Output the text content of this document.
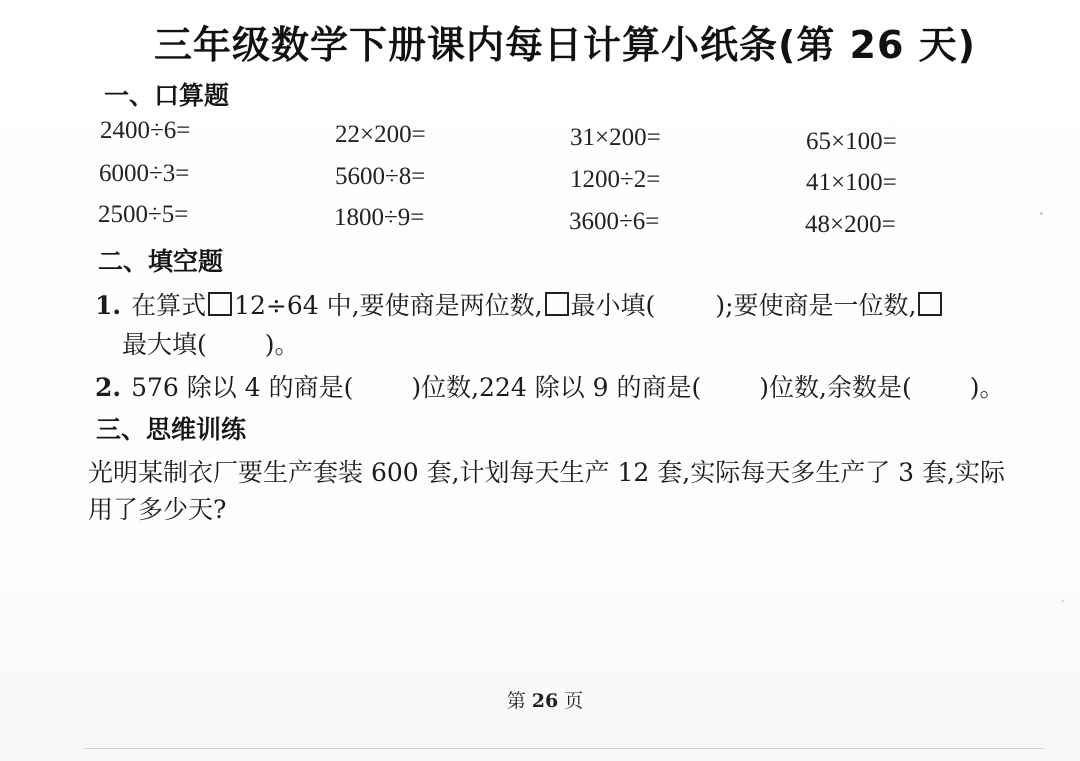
三年级数学下册课内每日计算小纸条(第 26 天)
一、口算题
2400÷6=	22×200=	31×200=	65×100=
6000÷3=	5600÷8=	1200÷2=	41×100=
2500÷5=	1800÷9=	3600÷6=	48×200=
二、填空题
1. 在算式 12÷64 中,要使商是两位数, 最小填( );要使商是一位数,
最大填( )。
2. 576 除以 4 的商是( )位数,224 除以 9 的商是( )位数,余数是( )。
三、思维训练
光明某制衣厂要生产套装 600 套,计划每天生产 12 套,实际每天多生产了 3 套,实际用了多少天?
第 26 页
